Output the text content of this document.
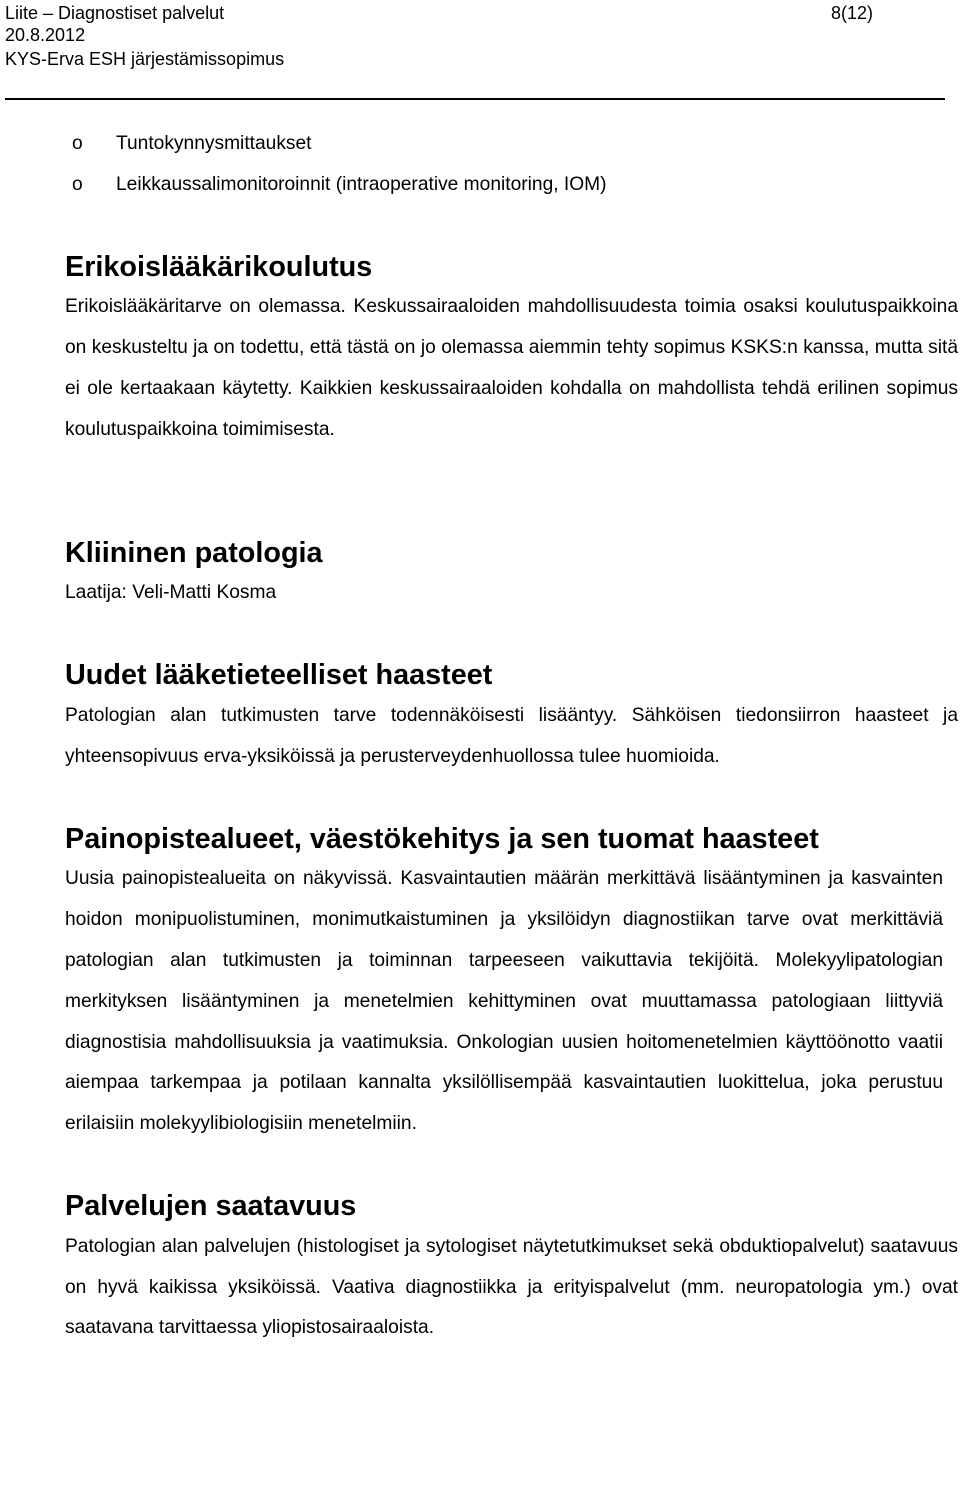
Liite – Diagnostiset palvelut
20.8.2012
KYS-Erva ESH järjestämissopimus
8(12)
o Tuntokynnysmittaukset
o Leikkaussalimonitoroinnit (intraoperative monitoring, IOM)
Erikoislääkärikoulutus

Erikoislääkäritarve on olemassa. Keskussairaaloiden mahdollisuudesta toimia osaksi koulutuspaikkoina on keskusteltu ja on todettu, että tästä on jo olemassa aiemmin tehty sopimus KSKS:n kanssa, mutta sitä ei ole kertaakaan käytetty. Kaikkien keskussairaaloiden kohdalla on mahdollista tehdä erilinen sopimus koulutuspaikkoina toimimisesta.

Kliininen patologia

Laatija: Veli-Matti Kosma

Uudet lääketieteelliset haasteet

Patologian alan tutkimusten tarve todennäköisesti lisääntyy. Sähköisen tiedonsiirron haasteet ja yhteensopivuus erva-yksiköissä ja perusterveydenhuollossa tulee huomioida.

Painopistealueet, väestökehitys ja sen tuomat haasteet

Uusia painopistealueita on näkyvissä. Kasvaintautien määrän merkittävä lisääntyminen ja kasvainten hoidon monipuolistuminen, monimutkaistuminen ja yksilöidyn diagnostiikan tarve ovat merkittäviä patologian alan tutkimusten ja toiminnan tarpeeseen vaikuttavia tekijöitä. Molekyylipatologian merkityksen lisääntyminen ja menetelmien kehittyminen ovat muuttamassa patologiaan liittyviä diagnostisia mahdollisuuksia ja vaatimuksia. Onkologian uusien hoitomenetelmien käyttöönotto vaatii aiempaa tarkempaa ja potilaan kannalta yksilöllisempää kasvaintautien luokittelua, joka perustuu erilaisiin molekyylibiologisiin menetelmiin.

Palvelujen saatavuus

Patologian alan palvelujen (histologiset ja sytologiset näytetutkimukset sekä obduktiopalvelut) saatavuus on hyvä kaikissa yksiköissä. Vaativa diagnostiikka ja erityispalvelut (mm. neuropatologia ym.) ovat saatavana tarvittaessa yliopistosairaaloista.
